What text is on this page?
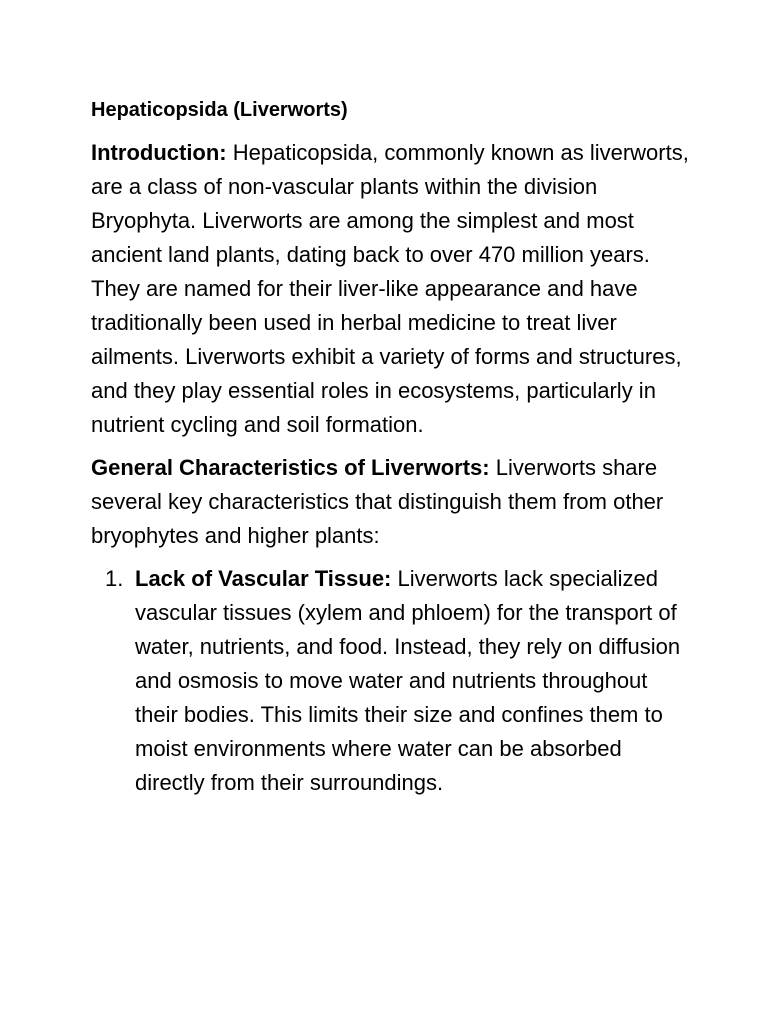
Hepaticopsida (Liverworts)

Introduction: Hepaticopsida, commonly known as liverworts, are a class of non-vascular plants within the division Bryophyta. Liverworts are among the simplest and most ancient land plants, dating back to over 470 million years. They are named for their liver-like appearance and have traditionally been used in herbal medicine to treat liver ailments. Liverworts exhibit a variety of forms and structures, and they play essential roles in ecosystems, particularly in nutrient cycling and soil formation.

General Characteristics of Liverworts: Liverworts share several key characteristics that distinguish them from other bryophytes and higher plants:

1. Lack of Vascular Tissue: Liverworts lack specialized vascular tissues (xylem and phloem) for the transport of water, nutrients, and food. Instead, they rely on diffusion and osmosis to move water and nutrients throughout their bodies. This limits their size and confines them to moist environments where water can be absorbed directly from their surroundings.
